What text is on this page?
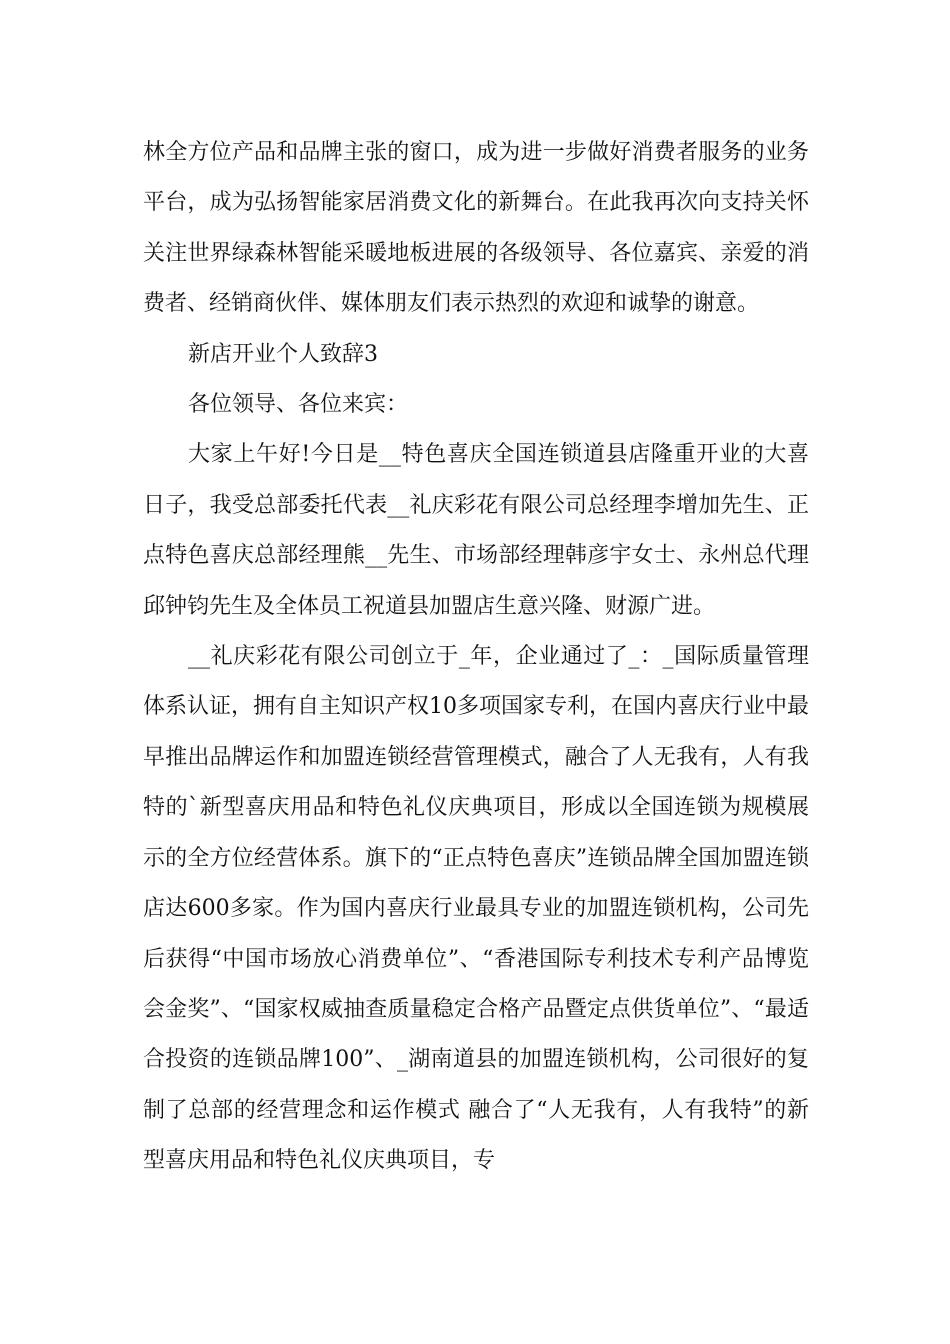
林全方位产品和品牌主张的窗口，成为进一步做好消费者服务的业务平台，成为弘扬智能家居消费文化的新舞台。在此我再次向支持关怀关注世界绿森林智能采暖地板进展的各级领导、各位嘉宾、亲爱的消费者、经销商伙伴、媒体朋友们表示热烈的欢迎和诚挚的谢意。

新店开业个人致辞3

各位领导、各位来宾：

大家上午好!今日是__特色喜庆全国连锁道县店隆重开业的大喜日子，我受总部委托代表__礼庆彩花有限公司总经理李增加先生、正点特色喜庆总部经理熊__先生、市场部经理韩彦宇女士、永州总代理邱钟钧先生及全体员工祝道县加盟店生意兴隆、财源广进。

__礼庆彩花有限公司创立于_年，企业通过了_：_国际质量管理体系认证，拥有自主知识产权10多项国家专利，在国内喜庆行业中最早推出品牌运作和加盟连锁经营管理模式，融合了人无我有，人有我特的`新型喜庆用品和特色礼仪庆典项目，形成以全国连锁为规模展示的全方位经营体系。旗下的“正点特色喜庆”连锁品牌全国加盟连锁店达600多家。作为国内喜庆行业最具专业的加盟连锁机构，公司先后获得“中国市场放心消费单位”、“香港国际专利技术专利产品博览会金奖”、“国家权威抽查质量稳定合格产品暨定点供货单位”、“最适合投资的连锁品牌100”、_湖南道县的加盟连锁机构，公司很好的复制了总部的经营理念和运作模式 融合了“人无我有，人有我特”的新型喜庆用品和特色礼仪庆典项目，专
